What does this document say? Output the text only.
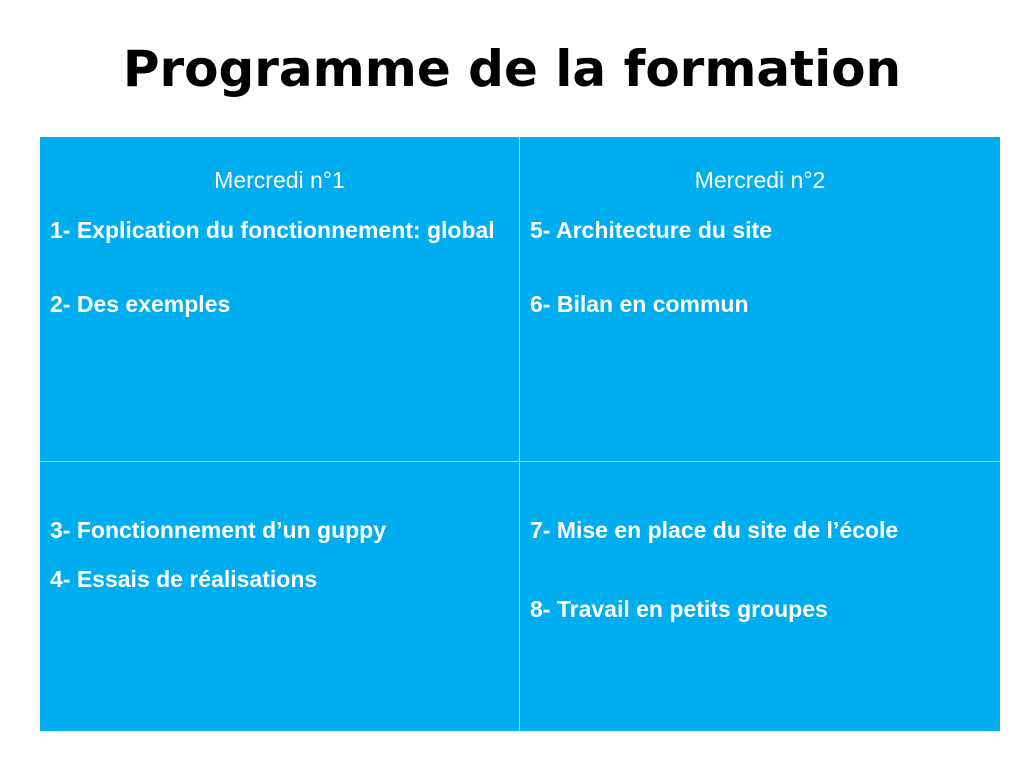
Programme de la formation
Mercredi n°1
1- Explication du fonctionnement: global
2- Des exemples
Mercredi n°2
5- Architecture du site
6- Bilan en commun
3- Fonctionnement d’un guppy
4- Essais de réalisations
7- Mise en place du site de l’école
8- Travail en petits groupes
